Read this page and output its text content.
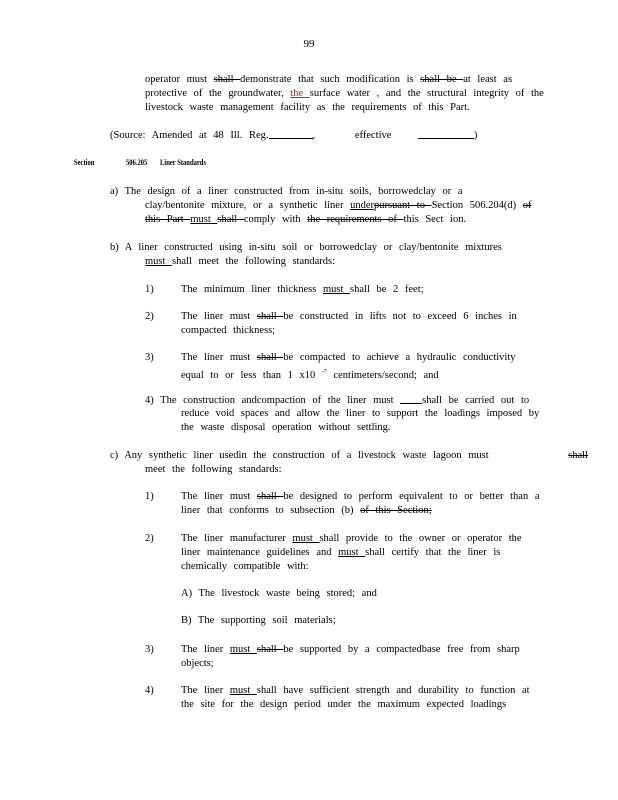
99
operator must shall demonstrate that such modification is shall be at least as
protective of the groundwater, the surface water , and the structural integrity of the
livestock waste management facility as the requirements of this Part.
(Source: Amended at 48 Ill. Reg.	,      effective	)
Section	506.205 Liner Standards
a) The design of a liner constructed from in-situ soils, borrowedclay or a
clay/bentonite mixture, or a synthetic liner underpursuant to Section 506.204(d) of
this Part must shall comply with the requirements of this Sect ion.
b) A liner constructed using in-situ soil or borrowedclay or clay/bentonite mixtures
must shall meet the following standards:
1)	The minimum liner thickness must shall be 2 feet;
2)	The liner must shall be constructed in lifts not to exceed 6 inches in
compacted thickness;
3)	The liner must shall be compacted to achieve a hydraulic conductivity
equal to or less than 1 x10 $^{-7}$ centimeters/second; and
4) The construction andcompaction of the liner must shall be carried out to
reduce void spaces and allow the liner to support the loadings imposed by
the waste disposal operation without settling.
c) Any synthetic liner usedin the construction of a livestock waste lagoon must	shall
meet the following standards:
1)	The liner must shall be designed to perform equivalent to or better than a
liner that conforms to subsection (b) of this Section;
2)	The liner manufacturer must shall provide to the owner or operator the
liner maintenance guidelines and must shall certify that the liner is
chemically compatible with:
A) The livestock waste being stored; and
B) The supporting soil materials;
3)	The liner must shall be supported by a compactedbase free from sharp
objects;
4)	The liner must shall have sufficient strength and durability to function at
the site for the design period under the maximum expected loadings
